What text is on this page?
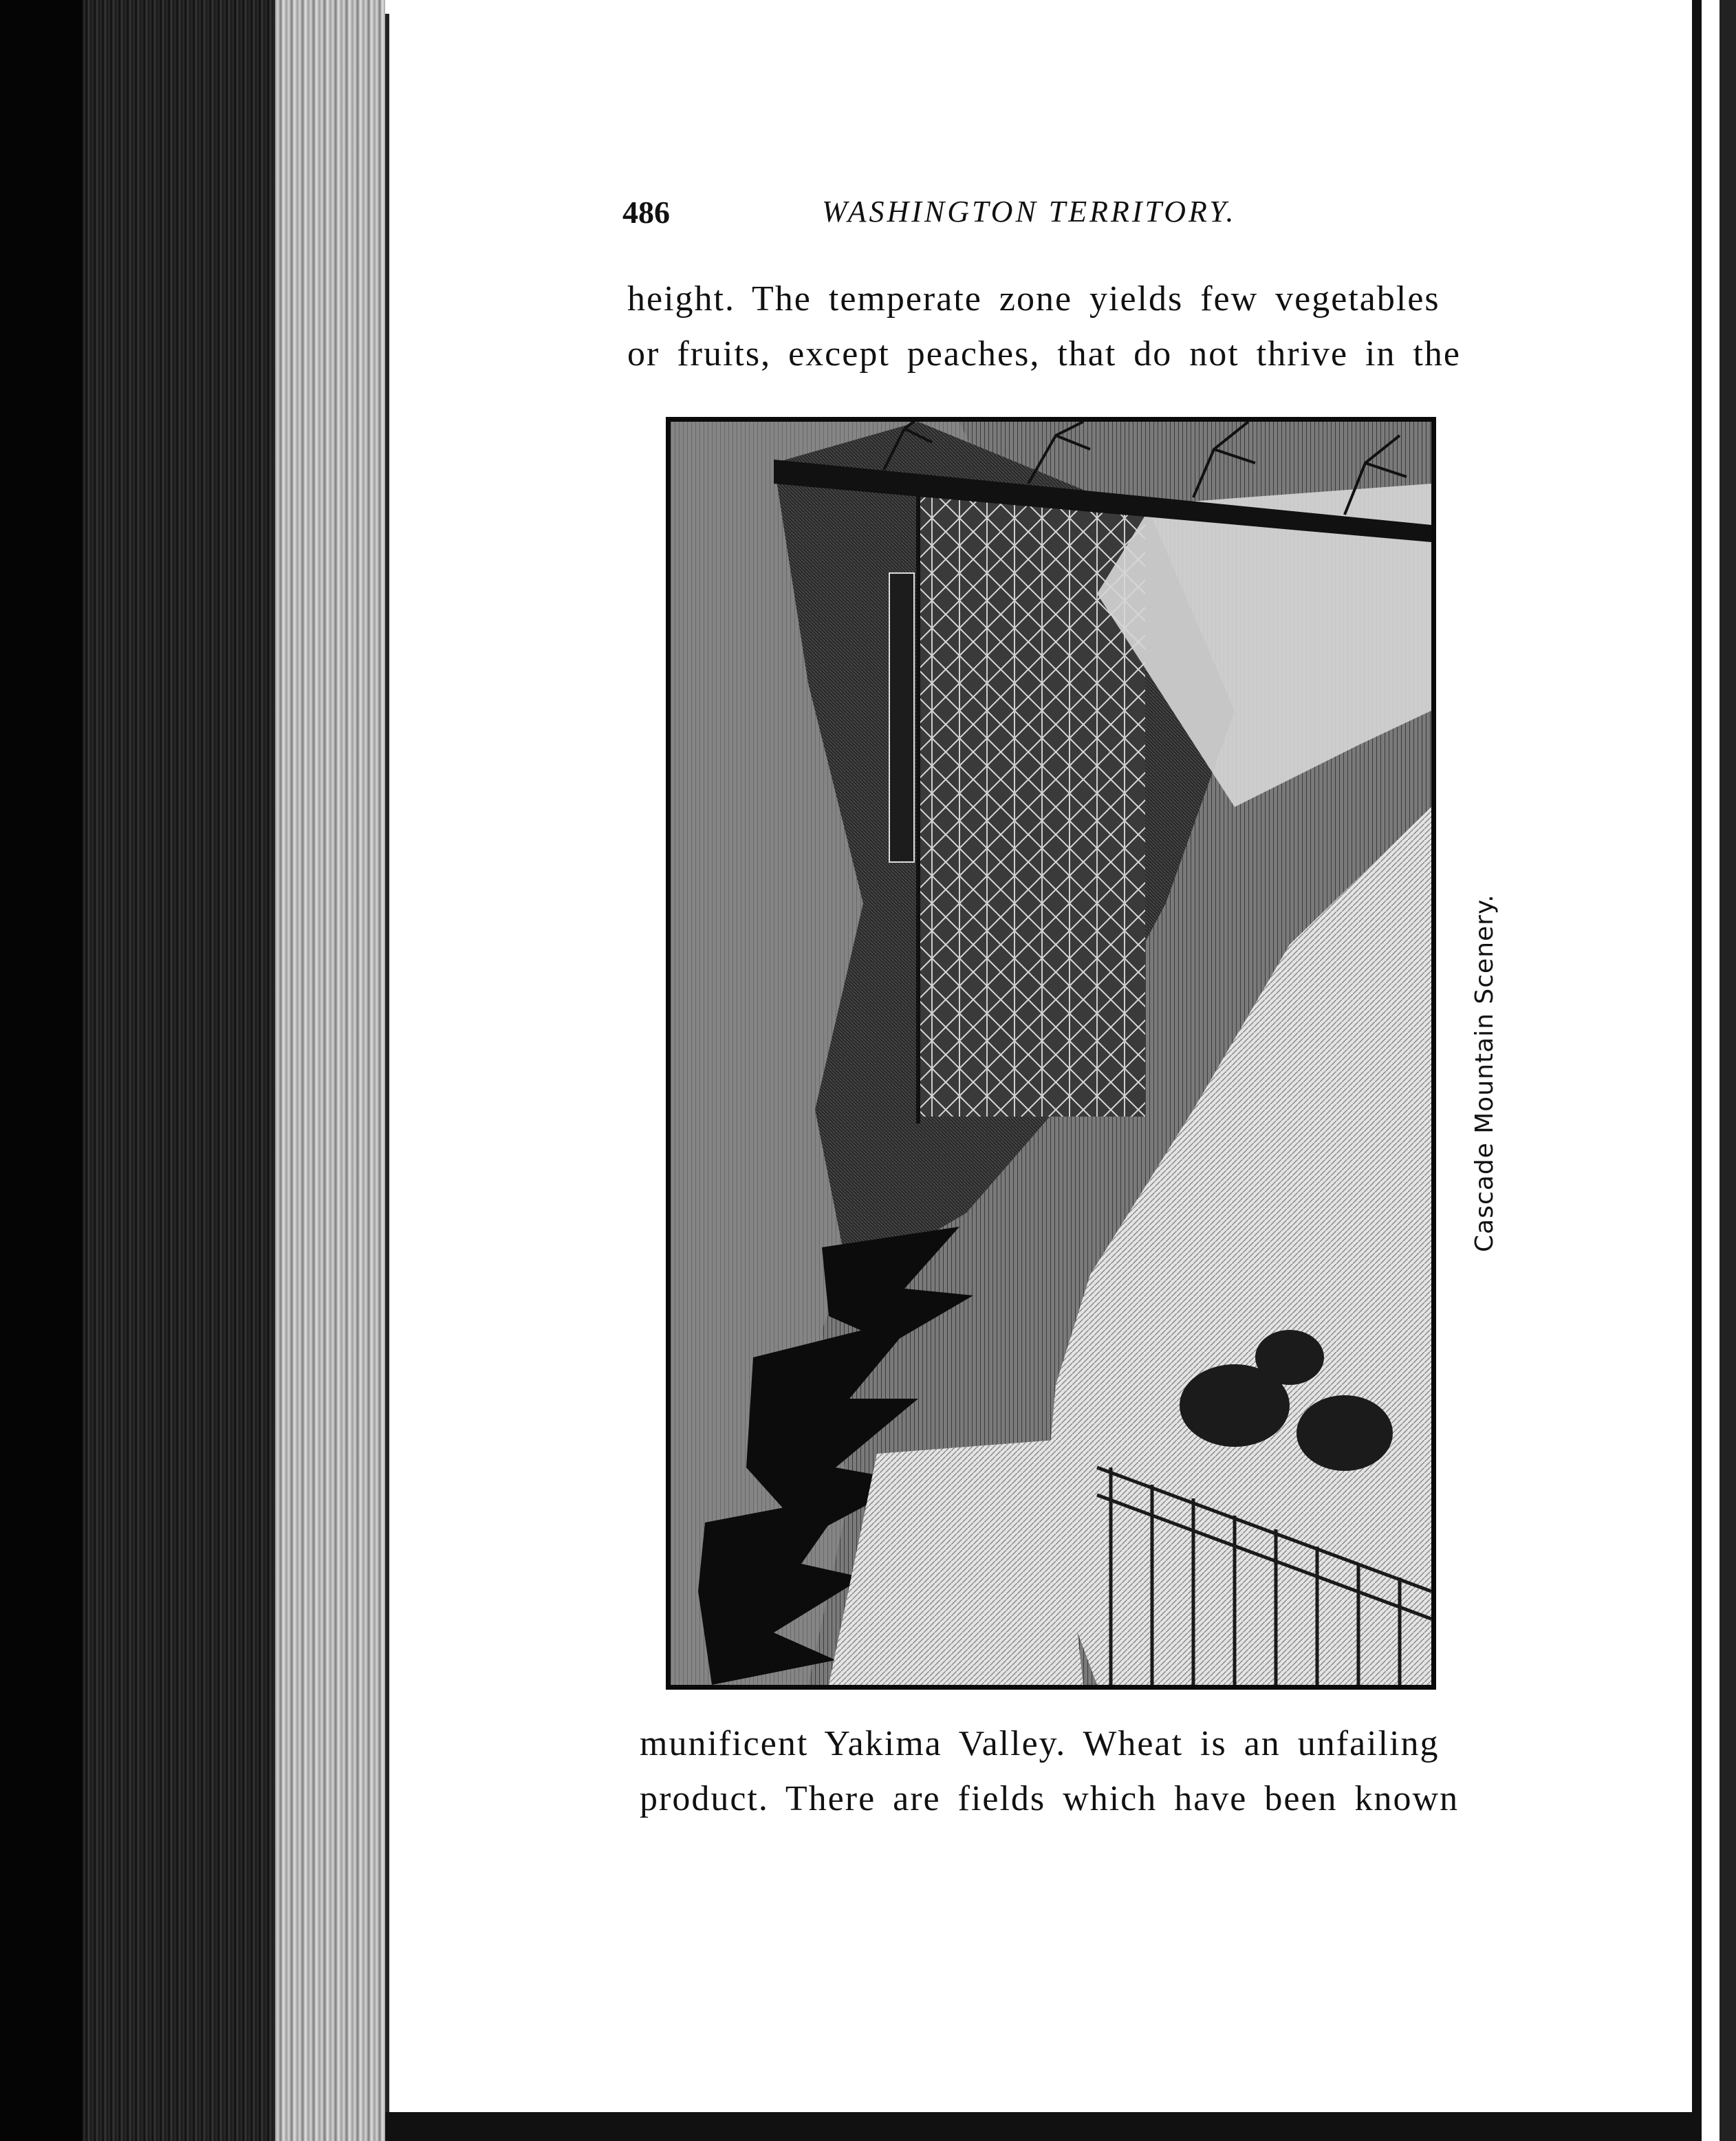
486	WASHINGTON TERRITORY.
height. The temperate zone yields few vegetables
or fruits, except peaches, that do not thrive in the
Cascade Mountain Scenery.
munificent Yakima Valley. Wheat is an unfailing
product. There are fields which have been known
